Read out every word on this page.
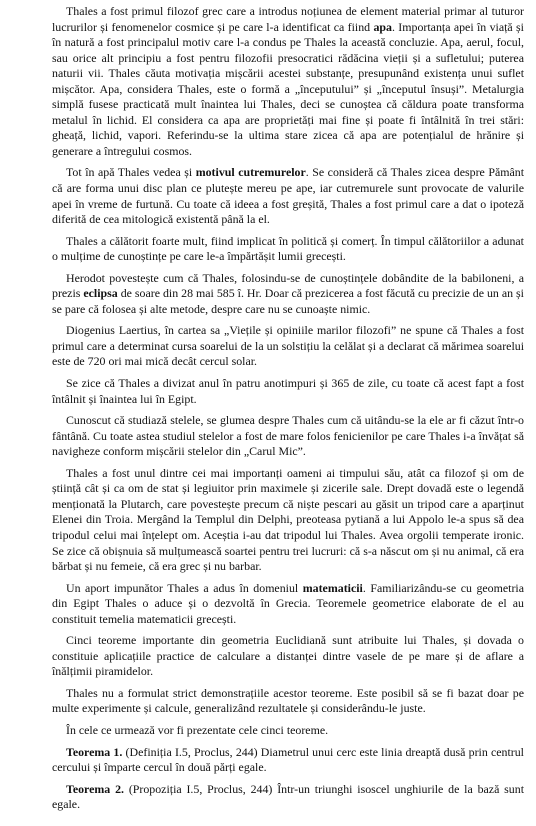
Thales a fost primul filozof grec care a introdus noțiunea de element material primar al tuturor lucrurilor și fenomenelor cosmice și pe care l-a identificat ca fiind apa. Importanța apei în viață și în natură a fost principalul motiv care l-a condus pe Thales la această concluzie. Apa, aerul, focul, sau orice alt principiu a fost pentru filozofii presocratici rădăcina vieții și a sufletului; puterea naturii vii. Thales căuta motivația mișcării acestei substanțe, presupunând existența unui suflet mișcător. Apa, considera Thales, este o formă a „începutului” și „începutul însuși”. Metalurgia simplă fusese practicată mult înaintea lui Thales, deci se cunoștea că căldura poate transforma metalul în lichid. El considera ca apa are proprietăți mai fine și poate fi întâlnită în trei stări: gheață, lichid, vapori. Referindu-se la ultima stare zicea că apa are potențialul de hrănire și generare a întregului cosmos.

Tot în apă Thales vedea și motivul cutremurelor. Se consideră că Thales zicea despre Pământ că are forma unui disc plan ce plutește mereu pe ape, iar cutremurele sunt provocate de valurile apei în vreme de furtună. Cu toate că ideea a fost greșită, Thales a fost primul care a dat o ipoteză diferită de cea mitologică existentă până la el.

Thales a călătorit foarte mult, fiind implicat în politică și comerț. În timpul călătoriilor a adunat o mulțime de cunoștințe pe care le-a împărtășit lumii grecești.

Herodot povestește cum că Thales, folosindu-se de cunoștințele dobândite de la babiloneni, a prezis eclipsa de soare din 28 mai 585 î. Hr. Doar că prezicerea a fost făcută cu precizie de un an și se pare că folosea și alte metode, despre care nu se cunoaște nimic.

Diogenius Laertius, în cartea sa „Viețile și opiniile marilor filozofi” ne spune că Thales a fost primul care a determinat cursa soarelui de la un solstițiu la celălat și a declarat că mărimea soarelui este de 720 ori mai mică decât cercul solar.

Se zice că Thales a divizat anul în patru anotimpuri și 365 de zile, cu toate că acest fapt a fost întâlnit și înaintea lui în Egipt.

Cunoscut că studiază stelele, se glumea despre Thales cum că uitându-se la ele ar fi căzut într-o fântână. Cu toate astea studiul stelelor a fost de mare folos fenicienilor pe care Thales i-a învățat să navigheze conform mișcării stelelor din „Carul Mic”.

Thales a fost unul dintre cei mai importanți oameni ai timpului său, atât ca filozof și om de știință cât și ca om de stat și legiuitor prin maximele și zicerile sale. Drept dovadă este o legendă menționată la Plutarch, care povestește precum că niște pescari au găsit un tripod care a aparținut Elenei din Troia. Mergând la Templul din Delphi, preoteasa pytiană a lui Appolo le-a spus să dea tripodul celui mai înțelept om. Aceștia i-au dat tripodul lui Thales. Avea orgolii temperate ironic. Se zice că obișnuia să mulțumească soartei pentru trei lucruri: că s-a născut om și nu animal, că era bărbat și nu femeie, că era grec și nu barbar.

Un aport impunător Thales a adus în domeniul matematicii. Familiarizându-se cu geometria din Egipt Thales o aduce și o dezvoltă în Grecia. Teoremele geometrice elaborate de el au constituit temelia matematicii grecești.

Cinci teoreme importante din geometria Euclidiană sunt atribuite lui Thales, și dovada o constituie aplicațiile practice de calculare a distanței dintre vasele de pe mare și de aflare a înălțimii piramidelor.

Thales nu a formulat strict demonstrațiile acestor teoreme. Este posibil să se fi bazat doar pe multe experimente și calcule, generalizând rezultatele și considerându-le juste.

În cele ce urmează vor fi prezentate cele cinci teoreme.

Teorema 1. (Definiția I.5, Proclus, 244) Diametrul unui cerc este linia dreaptă dusă prin centrul cercului și împarte cercul în două părți egale.

Teorema 2. (Propoziția I.5, Proclus, 244) Într-un triunghi isoscel unghiurile de la bază sunt egale.
